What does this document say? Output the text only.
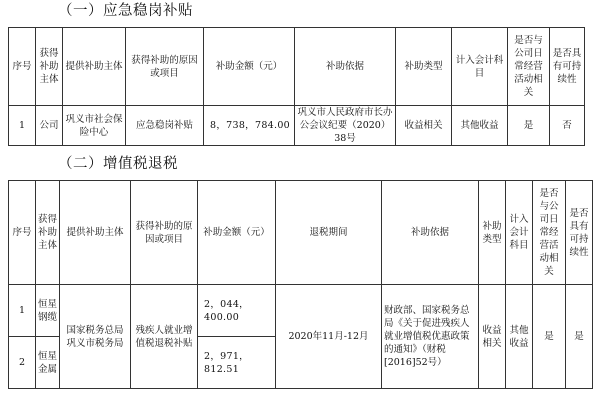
（一）应急稳岗补贴
序号	获得补助主体	提供补助主体	获得补助的原因或项目	补助金额（元）	补助依据	补助类型	计入会计科目	是否与公司日常经营活动相关	是否具有可持续性
1	公司	巩义市社会保险中心	应急稳岗补贴	8，738，784.00	巩义市人民政府市长办公会议纪要（2020）38号	收益相关	其他收益	是	否
（二）增值税退税
序号	获得补助主体	提供补助主体	获得补助的原因或项目	补助金额（元）	退税期间	补助依据	补助类型	计入会计科目	是否与公司日常经营活动相关	是否具有可持续性
1	恒星钢缆	国家税务总局巩义市税务局	残疾人就业增值税退税补贴	2，044，400.00	2020年11月-12月	财政部、国家税务总局《关于促进残疾人就业增值税优惠政策的通知》（财税[2016]52号）	收益相关	其他收益	是	是
2	恒星金属			2，971，812.51						
